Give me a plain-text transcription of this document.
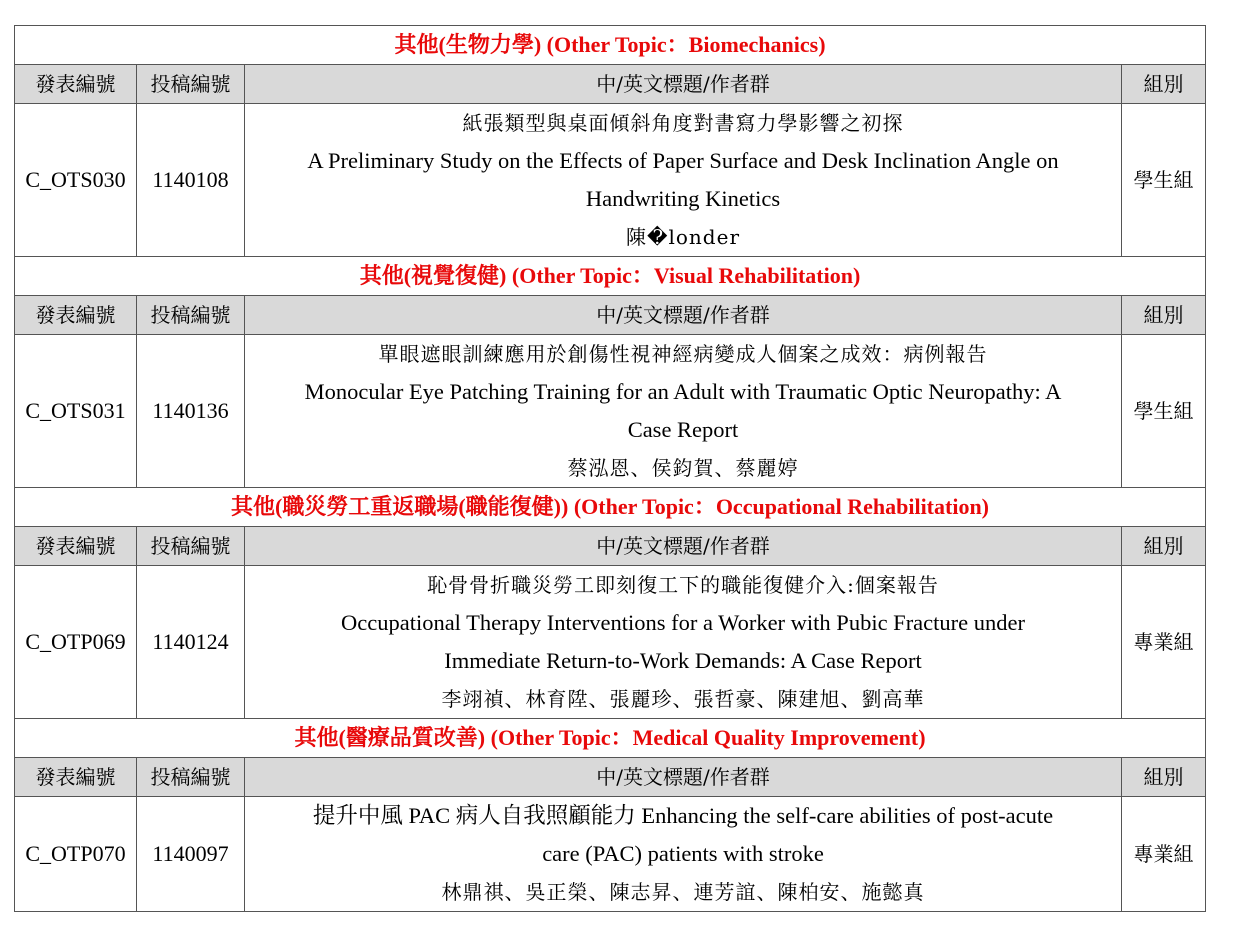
其他(生物力學) (Other Topic：Biomechanics)			
發表編號	投稿編號	中/英文標題/作者群	組別
C_OTS030	1140108	紙張類型與桌面傾斜角度對書寫力學影響之初探
A Preliminary Study on the Effects of Paper Surface and Desk Inclination Angle on
Handwriting Kinetics
陳�londer	學生組
其他(視覺復健) (Other Topic：Visual Rehabilitation)			
發表編號	投稿編號	中/英文標題/作者群	組別
C_OTS031	1140136	單眼遮眼訓練應用於創傷性視神經病變成人個案之成效：病例報告
Monocular Eye Patching Training for an Adult with Traumatic Optic Neuropathy: A
Case Report
蔡泓恩、侯鈞賀、蔡麗婷	學生組
其他(職災勞工重返職場(職能復健)) (Other Topic：Occupational Rehabilitation)			
發表編號	投稿編號	中/英文標題/作者群	組別
C_OTP069	1140124	恥骨骨折職災勞工即刻復工下的職能復健介入:個案報告
Occupational Therapy Interventions for a Worker with Pubic Fracture under
Immediate Return-to-Work Demands: A Case Report
李翊禎、林育陞、張麗珍、張哲豪、陳建旭、劉高華	專業組
其他(醫療品質改善) (Other Topic：Medical Quality Improvement)			
發表編號	投稿編號	中/英文標題/作者群	組別
C_OTP070	1140097	提升中風 PAC 病人自我照顧能力 Enhancing the self-care abilities of post-acute
care (PAC) patients with stroke
林鼎祺、吳正榮、陳志昇、連芳誼、陳柏安、施懿真	專業組
